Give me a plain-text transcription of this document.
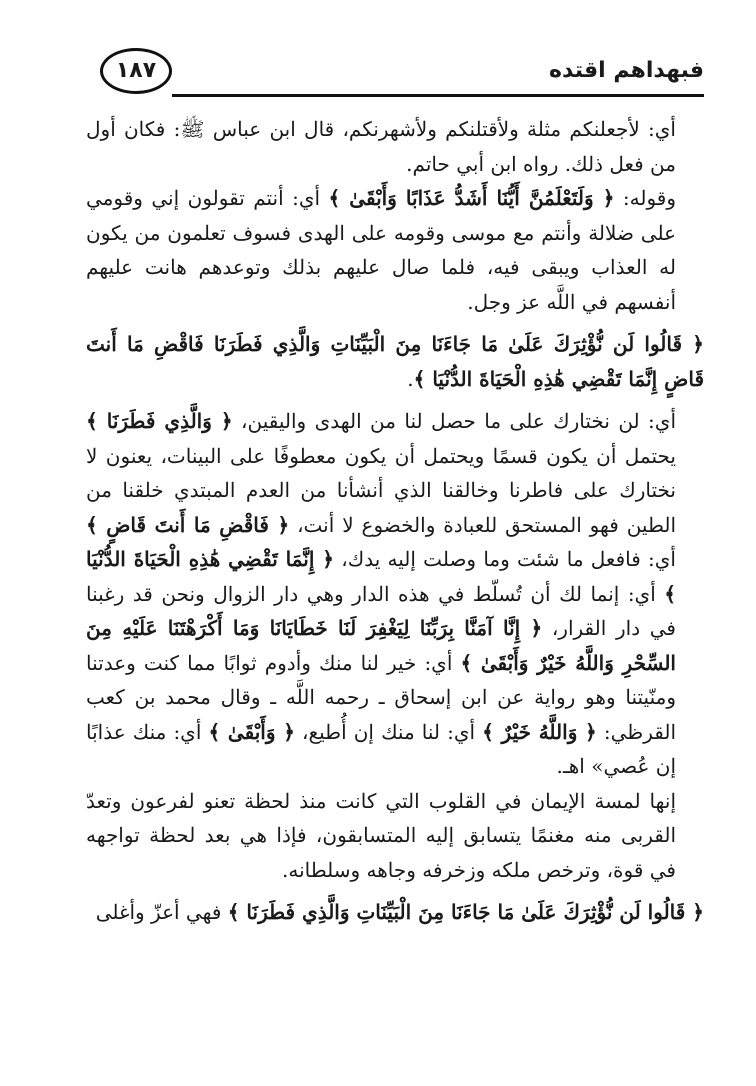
فبهداهم اقتده
١٨٧

أي: لأجعلنكم مثلة ولأقتلنكم ولأشهرنكم، قال ابن عباس ﷺ: فكان أول من فعل ذلك. رواه ابن أبي حاتم.

وقوله: ﴿ وَلَتَعْلَمُنَّ أَيُّنَا أَشَدُّ عَذَابًا وَأَبْقَىٰ ﴾ أي: أنتم تقولون إني وقومي على ضلالة وأنتم مع موسى وقومه على الهدى فسوف تعلمون من يكون له العذاب ويبقى فيه، فلما صال عليهم بذلك وتوعدهم هانت عليهم أنفسهم في اللَّه عز وجل.

﴿ قَالُوا لَن نُّؤْثِرَكَ عَلَىٰ مَا جَاءَنَا مِنَ الْبَيِّنَاتِ وَالَّذِي فَطَرَنَا فَاقْضِ مَا أَنتَ قَاضٍ إِنَّمَا تَقْضِي هَٰذِهِ الْحَيَاةَ الدُّنْيَا ﴾.

أي: لن نختارك على ما حصل لنا من الهدى واليقين، ﴿ وَالَّذِي فَطَرَنَا ﴾ يحتمل أن يكون قسمًا ويحتمل أن يكون معطوفًا على البينات، يعنون لا نختارك على فاطرنا وخالقنا الذي أنشأنا من العدم المبتدي خلقنا من الطين فهو المستحق للعبادة والخضوع لا أنت، ﴿ فَاقْضِ مَا أَنتَ قَاضٍ ﴾ أي: فافعل ما شئت وما وصلت إليه يدك، ﴿ إِنَّمَا تَقْضِي هَٰذِهِ الْحَيَاةَ الدُّنْيَا ﴾ أي: إنما لك أن تُسلّط في هذه الدار وهي دار الزوال ونحن قد رغبنا في دار القرار، ﴿ إِنَّا آمَنَّا بِرَبِّنَا لِيَغْفِرَ لَنَا خَطَايَانَا وَمَا أَكْرَهْتَنَا عَلَيْهِ مِنَ السِّحْرِ وَاللَّهُ خَيْرٌ وَأَبْقَىٰ ﴾ أي: خير لنا منك وأدوم ثوابًا مما كنت وعدتنا ومنّيتنا وهو رواية عن ابن إسحاق ـ رحمه اللَّه ـ وقال محمد بن كعب القرظي: ﴿ وَاللَّهُ خَيْرٌ ﴾ أي: لنا منك إن أُطيع، ﴿ وَأَبْقَىٰ ﴾ أي: منك عذابًا إن عُصي» اهـ.

إنها لمسة الإيمان في القلوب التي كانت منذ لحظة تعنو لفرعون وتعدّ القربى منه مغنمًا يتسابق إليه المتسابقون، فإذا هي بعد لحظة تواجهه في قوة، وترخص ملكه وزخرفه وجاهه وسلطانه.

﴿ قَالُوا لَن نُّؤْثِرَكَ عَلَىٰ مَا جَاءَنَا مِنَ الْبَيِّنَاتِ وَالَّذِي فَطَرَنَا ﴾ فهي أعزّ وأغلى
